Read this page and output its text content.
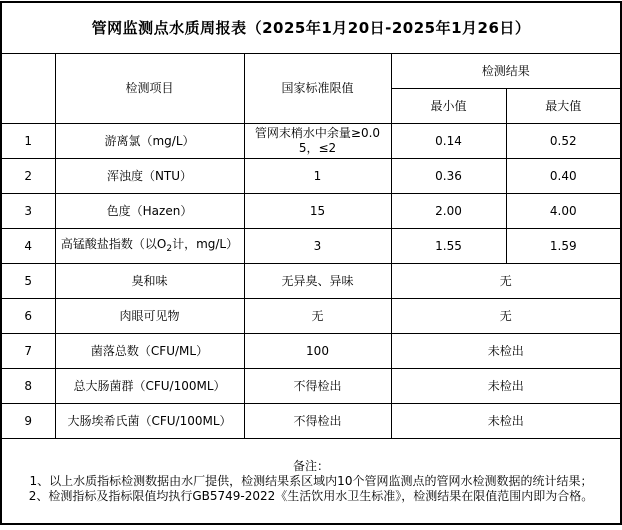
管网监测点水质周报表（2025年1月20日-2025年1月26日）				
	检测项目	国家标准限值	检测结果	
			最小值	最大值
1	游离氯（mg/L）	管网末梢水中余量≥0.05，≤2	0.14	0.52
2	浑浊度（NTU）	1	0.36	0.40
3	色度（Hazen）	15	2.00	4.00
4	高锰酸盐指数（以$O_2$计，mg/L）	3	1.55	1.59
5	臭和味	无异臭、异味	无	
6	肉眼可见物	无	无	
7	菌落总数（CFU/ML）	100	未检出	
8	总大肠菌群（CFU/100ML）	不得检出	未检出	
9	大肠埃希氏菌（CFU/100ML）	不得检出	未检出	

备注：
1、以上水质指标检测数据由水厂提供，检测结果系区域内10个管网监测点的管网水检测数据的统计结果；
2、检测指标及指标限值均执行GB5749-2022《生活饮用水卫生标准》，检测结果在限值范围内即为合格。				
